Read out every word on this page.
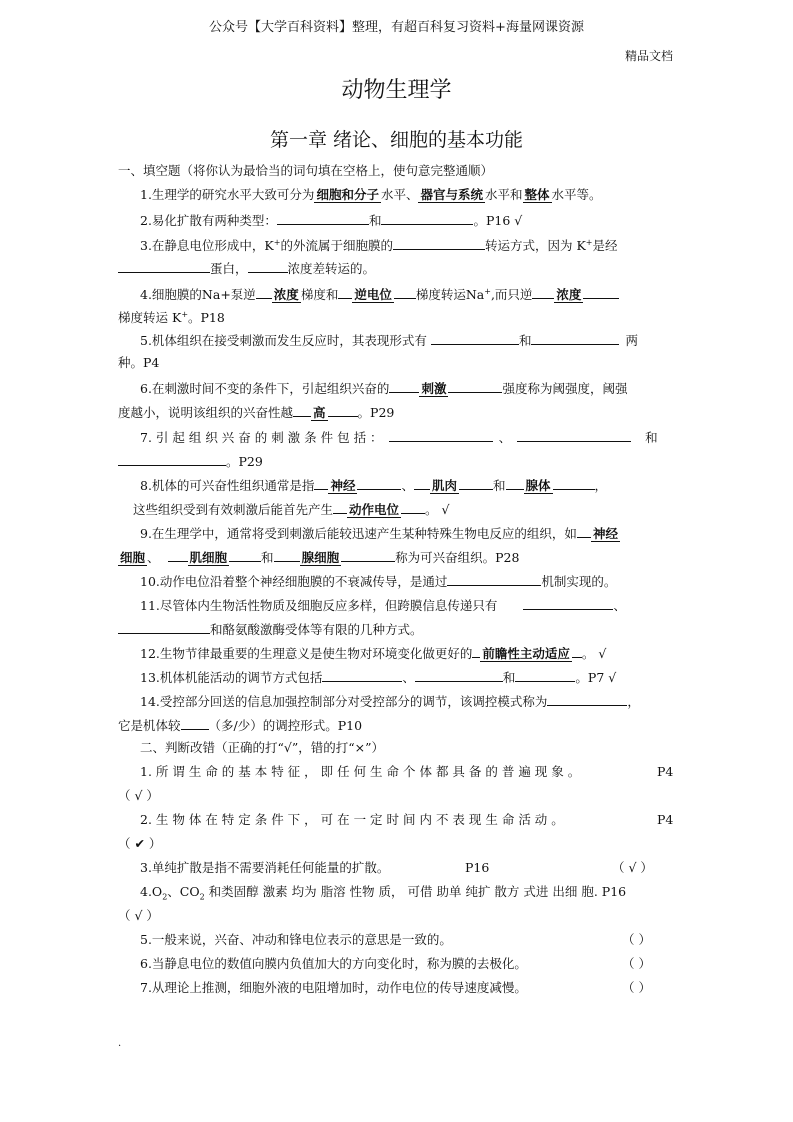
公众号【大学百科资料】整理，有超百科复习资料+海量网课资源
精品文档
动物生理学
第一章 绪论、细胞的基本功能
一、填空题（将你认为最恰当的词句填在空格上，使句意完整通顺）
1.生理学的研究水平大致可分为 细胞和分子 水平、 器官与系统 水平和 整体 水平等。
2.易化扩散有两种类型：	和	。P16 √
3.在静息电位形成中，K+的外流属于细胞膜的	转运方式，因为 K+是经
蛋白，	浓度差转运的。
4.细胞膜的Na+泵逆 浓度 梯度和 逆电位 梯度转运Na+,而只逆 浓度
梯度转运 K+。P18
5.机体组织在接受刺激而发生反应时，其表现形式有	和	两
种。P4
6.在刺激时间不变的条件下，引起组织兴奋的	刺激	强度称为阈强度，阈强
度越小，说明该组织的兴奋性越 高	。P29
7. 引 起 组 织 兴 奋 的 刺 激 条 件 包 括 ：	、	和
。P29
8.机体的可兴奋性组织通常是指 神经	、 肌肉	和 腺体	，
这些组织受到有效刺激后能首先产生 动作电位 。 √
9.在生理学中，通常将受到刺激后能较迅速产生某种特殊生物电反应的组织，如 神经
细胞 、 肌细胞	和 腺细胞	称为可兴奋组织。P28
10.动作电位沿着整个神经细胞膜的不衰减传导，是通过	机制实现的。
11.尽管体内生物活性物质及细胞反应多样，但跨膜信息传递只有	、
和酪氨酸激酶受体等有限的几种方式。
12.生物节律最重要的生理意义是使生物对环境变化做更好的 前瞻性主动适应 。 √
13.机体机能活动的调节方式包括	、	和	。P7 √
14.受控部分回送的信息加强控制部分对受控部分的调节，该调控模式称为	，
它是机体较 （多/少）的调控形式。P10
二、判断改错（正确的打“√”，错的打“×”）
1. 所 谓 生 命 的 基 本 特 征 ， 即 任 何 生 命 个 体 都 具 备 的 普 遍 现 象 。	P4
（ √ ）
2. 生 物 体 在 特 定 条 件 下 ， 可 在 一 定 时 间 内 不 表 现 生 命 活 动 。	P4
（ ✔ ）
3.单纯扩散是指不需要消耗任何能量的扩散。	P16	（ √ ）
$4.O_2$、$CO_2$ 和类固醇 激素 均为 脂溶 性物 质， 可借 助单 纯扩 散方 式进 出细 胞. P16
（ √ ）
5.一般来说，兴奋、冲动和锋电位表示的意思是一致的。	（ ）
6.当静息电位的数值向膜内负值加大的方向变化时，称为膜的去极化。	（ ）
7.从理论上推测，细胞外液的电阻增加时，动作电位的传导速度减慢。	（ ）
.
